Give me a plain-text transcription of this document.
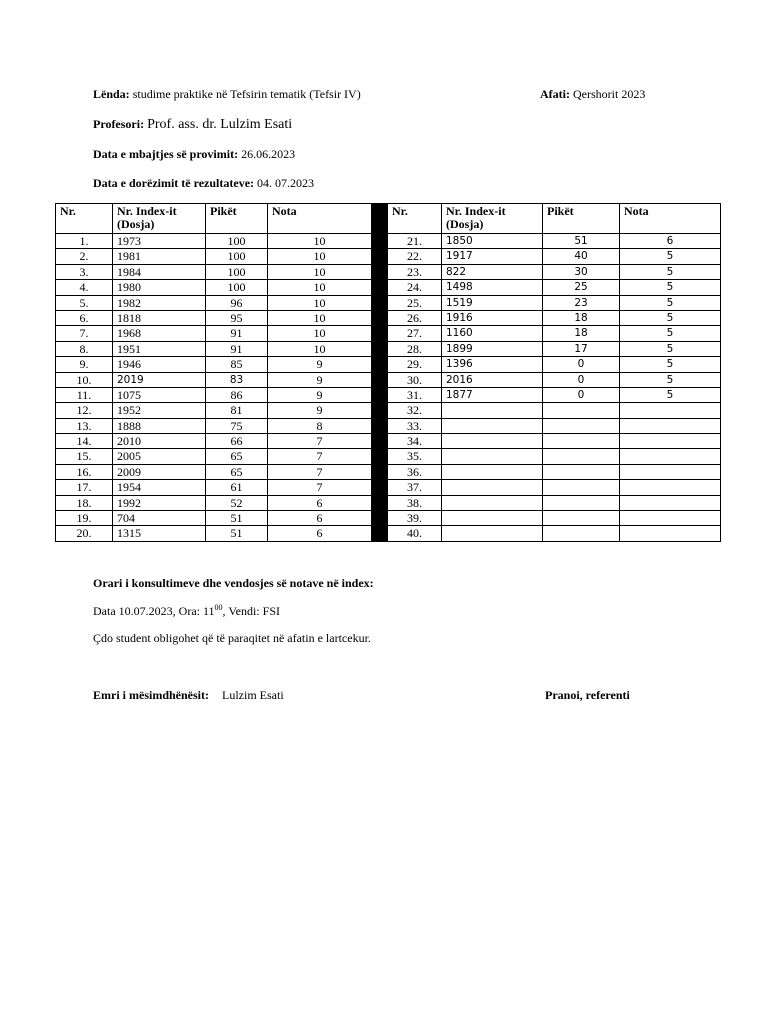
Lënda: studime praktike në Tefsirin tematik (Tefsir IV)	Afati: Qershorit 2023
Profesori: Prof. ass. dr. Lulzim Esati
Data e mbajtjes së provimit: 26.06.2023
Data e dorëzimit të rezultateve: 04. 07.2023
Nr.	Nr. Index-it (Dosja)	Pikët	Nota		Nr.	Nr. Index-it (Dosja)	Pikët	Nota
1.	1973	100	10		21.	1850	51	6
2.	1981	100	10		22.	1917	40	5
3.	1984	100	10		23.	822	30	5
4.	1980	100	10		24.	1498	25	5
5.	1982	96	10		25.	1519	23	5
6.	1818	95	10		26.	1916	18	5
7.	1968	91	10		27.	1160	18	5
8.	1951	91	10		28.	1899	17	5
9.	1946	85	9		29.	1396	0	5
10.	2019	83	9		30.	2016	0	5
11.	1075	86	9		31.	1877	0	5
12.	1952	81	9		32.			
13.	1888	75	8		33.			
14.	2010	66	7		34.			
15.	2005	65	7		35.			
16.	2009	65	7		36.			
17.	1954	61	7		37.			
18.	1992	52	6		38.			
19.	704	51	6		39.			
20.	1315	51	6		40.			
Orari i konsultimeve dhe vendosjes së notave në index:
Data 10.07.2023, Ora: $11^{00}$, Vendi: FSI
Çdo student obligohet që të paraqitet në afatin e lartcekur.
Emri i mësimdhënësit: Lulzim Esati	Pranoi, referenti
